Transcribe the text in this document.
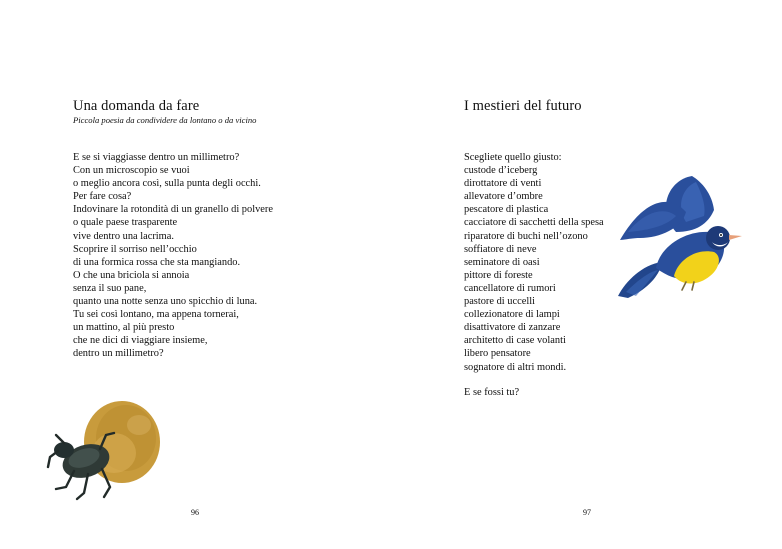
Una domanda da fare
Piccola poesia da condividere da lontano o da vicino
E se si viaggiasse dentro un millimetro?
Con un microscopio se vuoi
o meglio ancora così, sulla punta degli occhi.
Per fare cosa?
Indovinare la rotondità di un granello di polvere
o quale paese trasparente
vive dentro una lacrima.
Scoprire il sorriso nell’occhio
di una formica rossa che sta mangiando.
O che una briciola si annoia
senza il suo pane,
quanto una notte senza uno spicchio di luna.
Tu sei così lontano, ma appena tornerai,
un mattino, al più presto
che ne dici di viaggiare insieme,
dentro un millimetro?
96
I mestieri del futuro
Scegliete quello giusto:
custode d’iceberg
dirottatore di venti
allevatore d’ombre
pescatore di plastica
cacciatore di sacchetti della spesa
riparatore di buchi nell’ozono
soffiatore di neve
seminatore di oasi
pittore di foreste
cancellatore di rumori
pastore di uccelli
collezionatore di lampi
disattivatore di zanzare
architetto di case volanti
libero pensatore
sognatore di altri mondi.
E se fossi tu?
97
